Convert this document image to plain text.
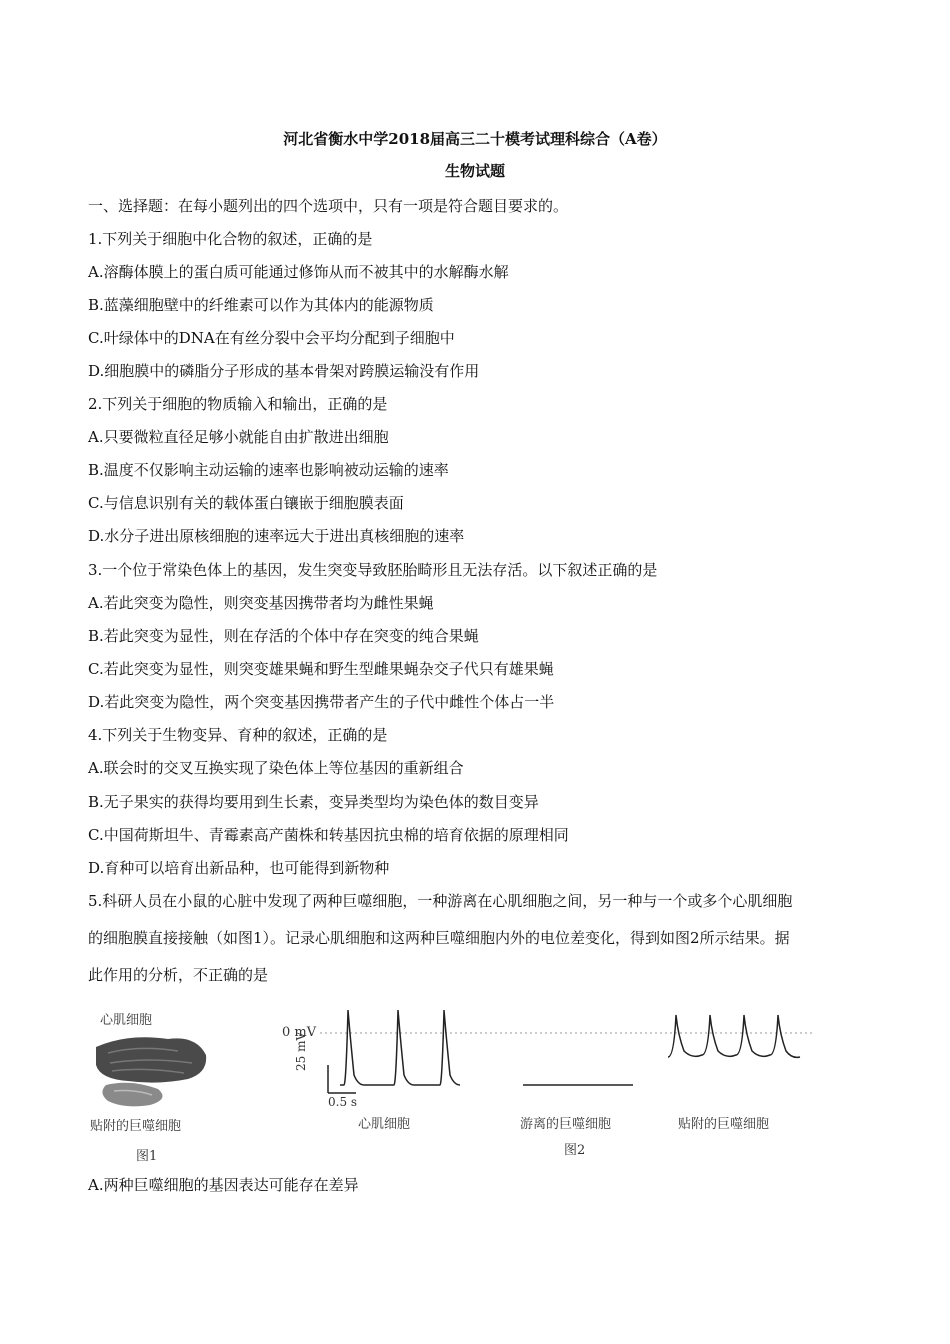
河北省衡水中学2018届高三二十模考试理科综合（A卷）
生物试题
一、选择题：在每小题列出的四个选项中，只有一项是符合题目要求的。
1.下列关于细胞中化合物的叙述，正确的是
A.溶酶体膜上的蛋白质可能通过修饰从而不被其中的水解酶水解
B.蓝藻细胞壁中的纤维素可以作为其体内的能源物质
C.叶绿体中的DNA在有丝分裂中会平均分配到子细胞中
D.细胞膜中的磷脂分子形成的基本骨架对跨膜运输没有作用
2.下列关于细胞的物质输入和输出，正确的是
A.只要微粒直径足够小就能自由扩散进出细胞
B.温度不仅影响主动运输的速率也影响被动运输的速率
C.与信息识别有关的载体蛋白镶嵌于细胞膜表面
D.水分子进出原核细胞的速率远大于进出真核细胞的速率
3.一个位于常染色体上的基因，发生突变导致胚胎畸形且无法存活。以下叙述正确的是
A.若此突变为隐性，则突变基因携带者均为雌性果蝇
B.若此突变为显性，则在存活的个体中存在突变的纯合果蝇
C.若此突变为显性，则突变雄果蝇和野生型雌果蝇杂交子代只有雄果蝇
D.若此突变为隐性，两个突变基因携带者产生的子代中雌性个体占一半
4.下列关于生物变异、育种的叙述，正确的是
A.联会时的交叉互换实现了染色体上等位基因的重新组合
B.无子果实的获得均要用到生长素，变异类型均为染色体的数目变异
C.中国荷斯坦牛、青霉素高产菌株和转基因抗虫棉的培育依据的原理相同
D.育种可以培育出新品种，也可能得到新物种
5.科研人员在小鼠的心脏中发现了两种巨噬细胞，一种游离在心肌细胞之间，另一种与一个或多个心肌细胞
的细胞膜直接接触（如图1）。记录心肌细胞和这两种巨噬细胞内外的电位差变化，得到如图2所示结果。据
此作用的分析，不正确的是
心肌细胞
贴附的巨噬细胞
图1
0 mV
25 mV
0.5 s
心肌细胞	游离的巨噬细胞	贴附的巨噬细胞
图2
A.两种巨噬细胞的基因表达可能存在差异
